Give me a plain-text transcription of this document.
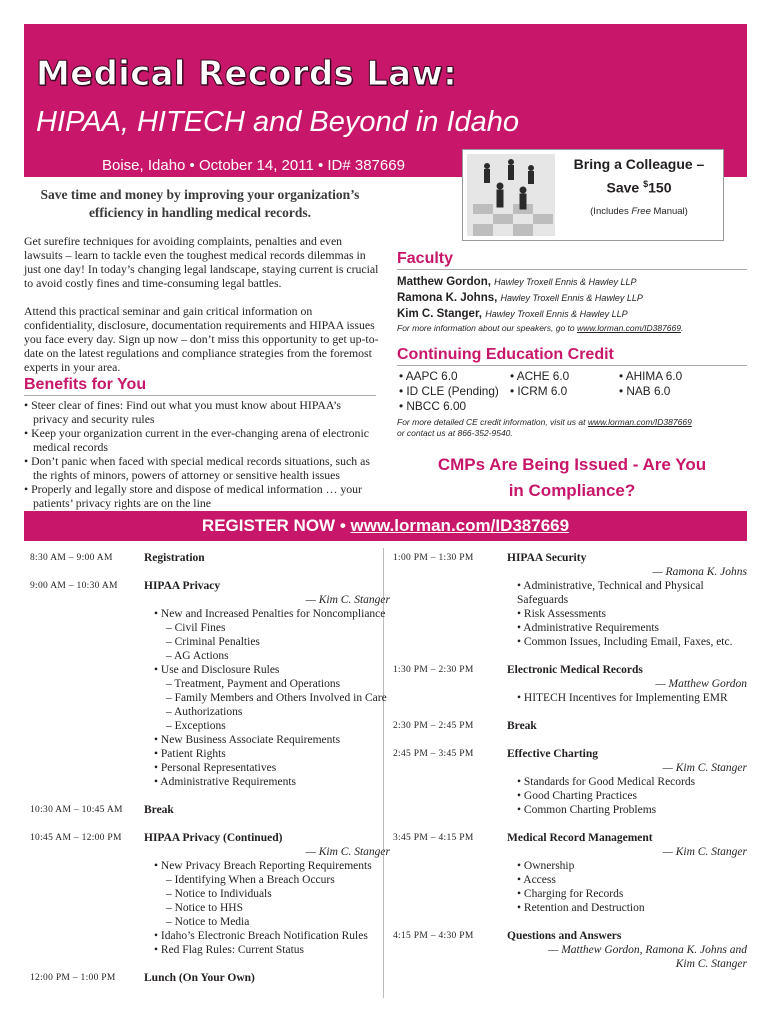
Medical Records Law:
HIPAA, HITECH and Beyond in Idaho
Boise, Idaho • October 14, 2011 • ID# 387669	Bring a Colleague –
Save $150
(Includes Free Manual)
Save time and money by improving your organization’s efficiency in handling medical records.
Get surefire techniques for avoiding complaints, penalties and even lawsuits – learn to tackle even the toughest medical records dilemmas in just one day! In today’s changing legal landscape, staying current is crucial to avoid costly fines and time-consuming legal battles.
Attend this practical seminar and gain critical information on confidentiality, disclosure, documentation requirements and HIPAA issues you face every day. Sign up now – don’t miss this opportunity to get up-to-date on the latest regulations and compliance strategies from the foremost experts in your area.
Benefits for You
• Steer clear of fines: Find out what you must know about HIPAA’s privacy and security rules
• Keep your organization current in the ever-changing arena of electronic medical records
• Don’t panic when faced with special medical records situations, such as the rights of minors, powers of attorney or sensitive health issues
• Properly and legally store and dispose of medical information … your patients’ privacy rights are on the line
Faculty
Matthew Gordon, Hawley Troxell Ennis & Hawley LLP
Ramona K. Johns, Hawley Troxell Ennis & Hawley LLP
Kim C. Stanger, Hawley Troxell Ennis & Hawley LLP
For more information about our speakers, go to www.lorman.com/ID387669.
Continuing Education Credit
• AAPC 6.0	• ACHE 6.0	• AHIMA 6.0
• ID CLE (Pending) • ICRM 6.0	• NAB 6.0
• NBCC 6.00
For more detailed CE credit information, visit us at www.lorman.com/ID387669
or contact us at 866-352-9540.
CMPs Are Being Issued - Are You
in Compliance?
REGISTER NOW • www.lorman.com/ID387669
8:30 AM – 9:00 AM	Registration
9:00 AM – 10:30 AM HIPAA Privacy
— Kim C. Stanger
• New and Increased Penalties for Noncompliance
– Civil Fines
– Criminal Penalties
– AG Actions
• Use and Disclosure Rules
– Treatment, Payment and Operations
– Family Members and Others Involved in Care
– Authorizations
– Exceptions
• New Business Associate Requirements
• Patient Rights
• Personal Representatives
• Administrative Requirements
10:30 AM – 10:45 AM Break
10:45 AM – 12:00 PM HIPAA Privacy (Continued)
— Kim C. Stanger
• New Privacy Breach Reporting Requirements
– Identifying When a Breach Occurs
– Notice to Individuals
– Notice to HHS
– Notice to Media
• Idaho’s Electronic Breach Notification Rules
• Red Flag Rules: Current Status
12:00 PM – 1:00 PM Lunch (On Your Own)
1:00 PM – 1:30 PM	HIPAA Security
— Ramona K. Johns
• Administrative, Technical and Physical
Safeguards
• Risk Assessments
• Administrative Requirements
• Common Issues, Including Email, Faxes, etc.
1:30 PM – 2:30 PM	Electronic Medical Records
— Matthew Gordon
• HITECH Incentives for Implementing EMR
2:30 PM – 2:45 PM	Break
2:45 PM – 3:45 PM	Effective Charting
— Kim C. Stanger
• Standards for Good Medical Records
• Good Charting Practices
• Common Charting Problems
3:45 PM – 4:15 PM	Medical Record Management
— Kim C. Stanger
• Ownership
• Access
• Charging for Records
• Retention and Destruction
4:15 PM – 4:30 PM	Questions and Answers
— Matthew Gordon, Ramona K. Johns and
Kim C. Stanger
